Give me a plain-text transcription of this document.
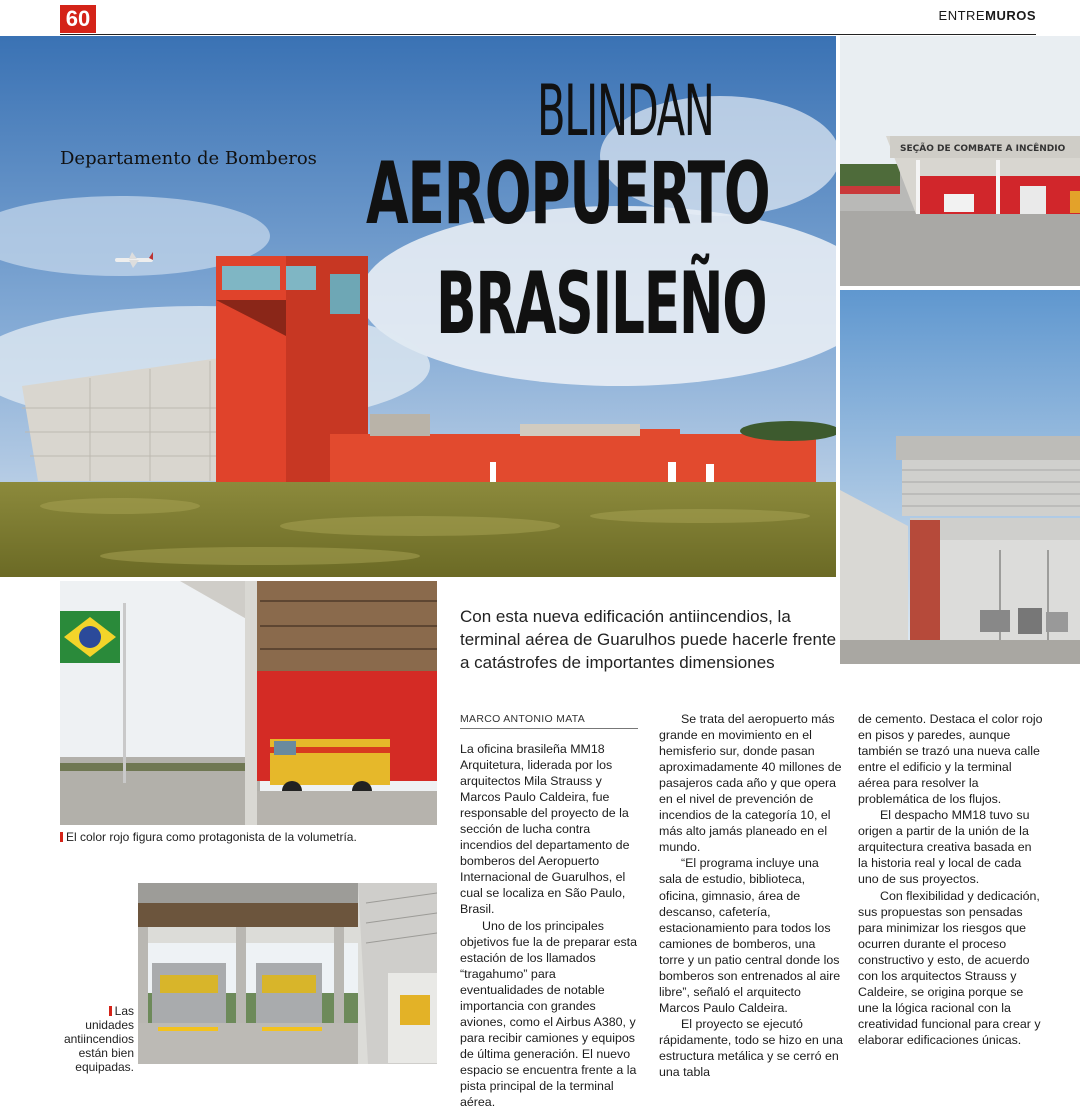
60	ENTREMUROS
Departamento de Bomberos
BLINDAN
AEROPUERTO
BRASILEÑO
SEÇÃO DE COMBATE A INCÊNDIO
El color rojo figura como protagonista de la volumetría.
Las unidades antiincendios están bien equipadas.
Con esta nueva edificación antiincendios, la terminal aérea de Guarulhos puede hacerle frente a catástrofes de importantes dimensiones
MARCO ANTONIO MATA

La oficina brasileña MM18 Arquitetura, liderada por los arquitectos Mila Strauss y Marcos Paulo Caldeira, fue responsable del proyecto de la sección de lucha contra incendios del departamento de bomberos del Aeropuerto Internacional de Guarulhos, el cual se localiza en São Paulo, Brasil.

Uno de los principales objetivos fue la de preparar esta estación de los llamados “tragahumo” para eventualidades de notable importancia con grandes aviones, como el Airbus A380, y para recibir camiones y equipos de última generación. El nuevo espacio se encuentra frente a la pista principal de la terminal aérea.

Se trata del aeropuerto más grande en movimiento en el hemisferio sur, donde pasan aproximadamente 40 millones de pasajeros cada año y que opera en el nivel de prevención de incendios de la categoría 10, el más alto jamás planeado en el mundo.

“El programa incluye una sala de estudio, biblioteca, oficina, gimnasio, área de descanso, cafetería, estacionamiento para todos los camiones de bomberos, una torre y un patio central donde los bomberos son entrenados al aire libre”, señaló el arquitecto Marcos Paulo Caldeira.

El proyecto se ejecutó rápidamente, todo se hizo en una estructura metálica y se cerró en una tabla

de cemento. Destaca el color rojo en pisos y paredes, aunque también se trazó una nueva calle entre el edificio y la terminal aérea para resolver la problemática de los flujos.

El despacho MM18 tuvo su origen a partir de la unión de la arquitectura creativa basada en la historia real y local de cada uno de sus proyectos.

Con flexibilidad y dedicación, sus propuestas son pensadas para minimizar los riesgos que ocurren durante el proceso constructivo y esto, de acuerdo con los arquitectos Strauss y Caldeire, se origina porque se une la lógica racional con la creatividad funcional para crear y elaborar edificaciones únicas.
